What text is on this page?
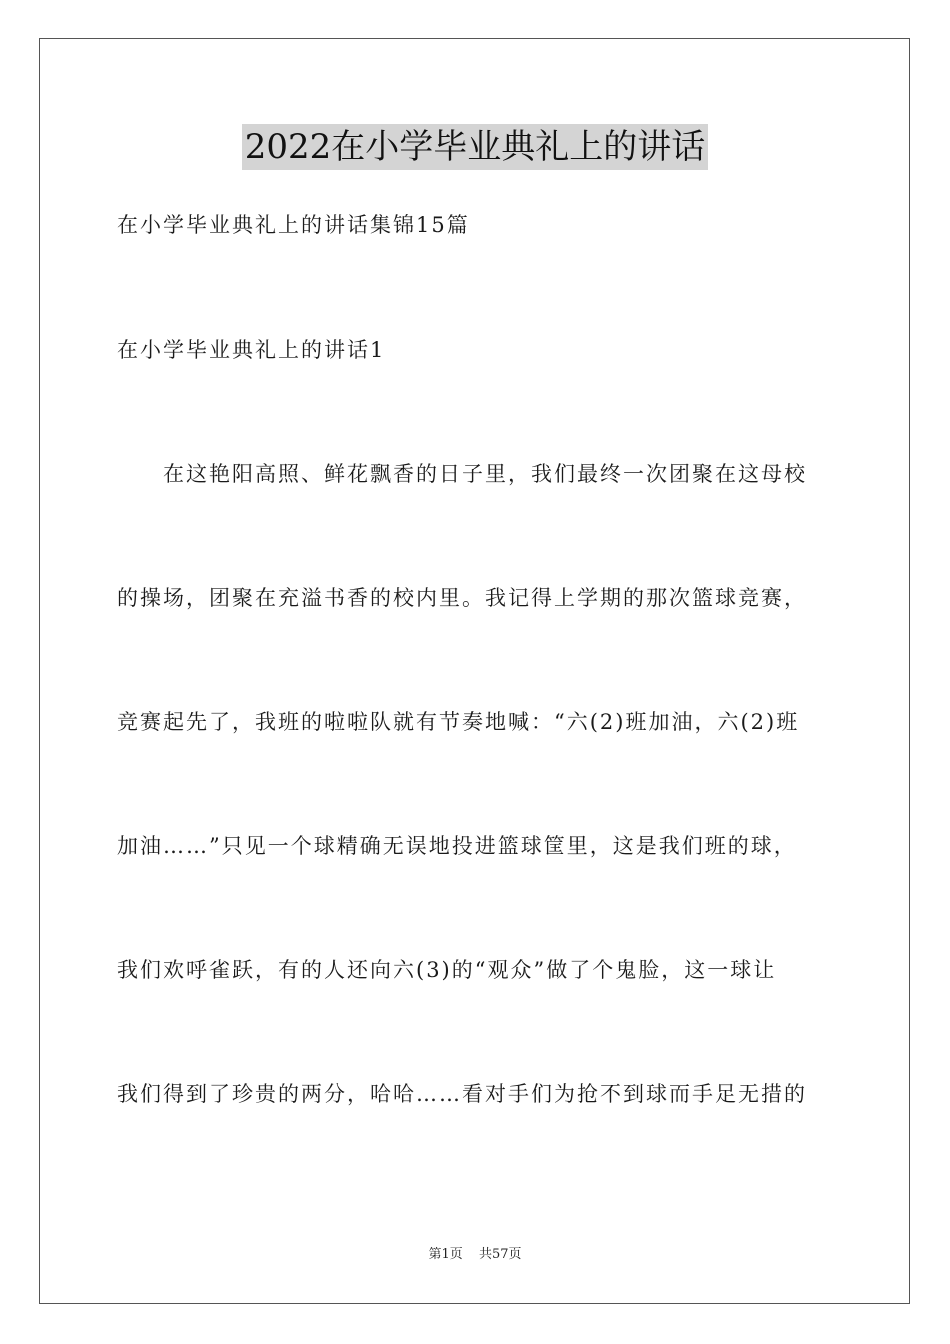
2022在小学毕业典礼上的讲话
在小学毕业典礼上的讲话集锦15篇
在小学毕业典礼上的讲话1
在这艳阳高照、鲜花飘香的日子里，我们最终一次团聚在这母校
的操场，团聚在充溢书香的校内里。我记得上学期的那次篮球竞赛，
竞赛起先了，我班的啦啦队就有节奏地喊：“六(2)班加油，六(2)班
加油……”只见一个球精确无误地投进篮球筐里，这是我们班的球，
我们欢呼雀跃，有的人还向六(3)的“观众”做了个鬼脸，这一球让
我们得到了珍贵的两分，哈哈……看对手们为抢不到球而手足无措的
第1页 共57页
